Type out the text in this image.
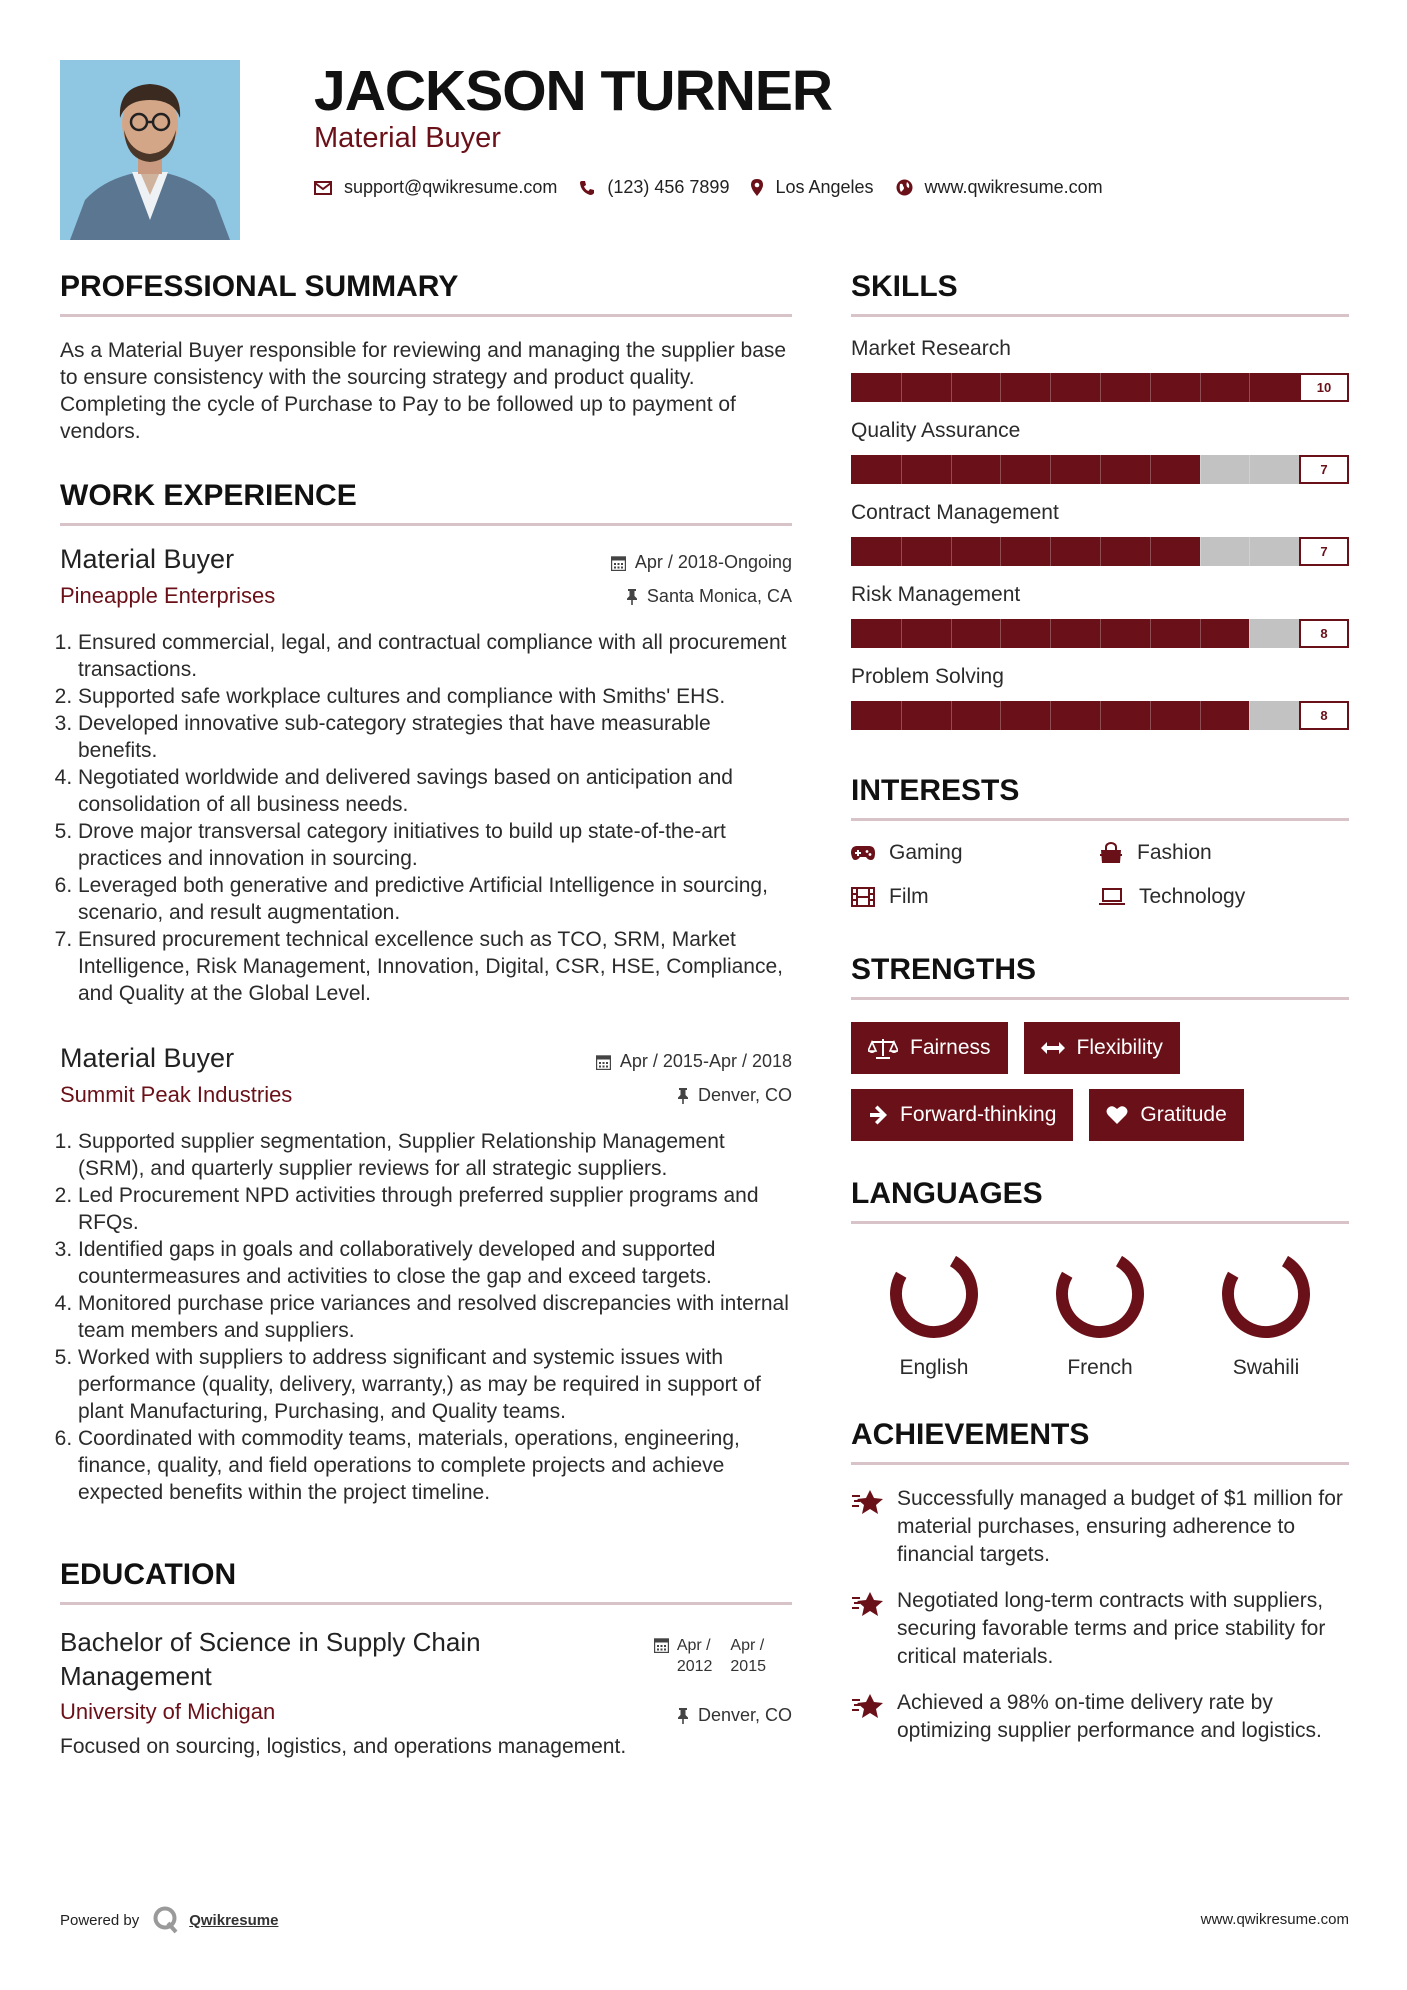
JACKSON TURNER
Material Buyer
support@qwikresume.com	(123) 456 7899	Los Angeles	www.qwikresume.com
PROFESSIONAL SUMMARY
As a Material Buyer responsible for reviewing and managing the supplier base to ensure consistency with the sourcing strategy and product quality. Completing the cycle of Purchase to Pay to be followed up to payment of vendors.
WORK EXPERIENCE
Material Buyer
Pineapple Enterprises
Apr / 2018-Ongoing
Santa Monica, CA
1. Ensured commercial, legal, and contractual compliance with all procurement transactions.
2. Supported safe workplace cultures and compliance with Smiths' EHS.
3. Developed innovative sub-category strategies that have measurable benefits.
4. Negotiated worldwide and delivered savings based on anticipation and consolidation of all business needs.
5. Drove major transversal category initiatives to build up state-of-the-art practices and innovation in sourcing.
6. Leveraged both generative and predictive Artificial Intelligence in sourcing, scenario, and result augmentation.
7. Ensured procurement technical excellence such as TCO, SRM, Market Intelligence, Risk Management, Innovation, Digital, CSR, HSE, Compliance, and Quality at the Global Level.
Material Buyer
Summit Peak Industries
Apr / 2015-Apr / 2018
Denver, CO
1. Supported supplier segmentation, Supplier Relationship Management (SRM), and quarterly supplier reviews for all strategic suppliers.
2. Led Procurement NPD activities through preferred supplier programs and RFQs.
3. Identified gaps in goals and collaboratively developed and supported countermeasures and activities to close the gap and exceed targets.
4. Monitored purchase price variances and resolved discrepancies with internal team members and suppliers.
5. Worked with suppliers to address significant and systemic issues with performance (quality, delivery, warranty,) as may be required in support of plant Manufacturing, Purchasing, and Quality teams.
6. Coordinated with commodity teams, materials, operations, engineering, finance, quality, and field operations to complete projects and achieve expected benefits within the project timeline.
EDUCATION
Bachelor of Science in Supply Chain Management
University of Michigan
Apr /
2012
Apr /
2015
Denver, CO
Focused on sourcing, logistics, and operations management.
SKILLS
Market Research
10
Quality Assurance
7
Contract Management
7
Risk Management
8
Problem Solving
8
INTERESTS
Gaming	Fashion
Film	Technology
STRENGTHS
Fairness	Flexibility
Forward-thinking	Gratitude
LANGUAGES
English	French	Swahili
ACHIEVEMENTS
Successfully managed a budget of $1 million for material purchases, ensuring adherence to financial targets.
Negotiated long-term contracts with suppliers, securing favorable terms and price stability for critical materials.
Achieved a 98% on-time delivery rate by optimizing supplier performance and logistics.
Powered by	Qwikresume	www.qwikresume.com
